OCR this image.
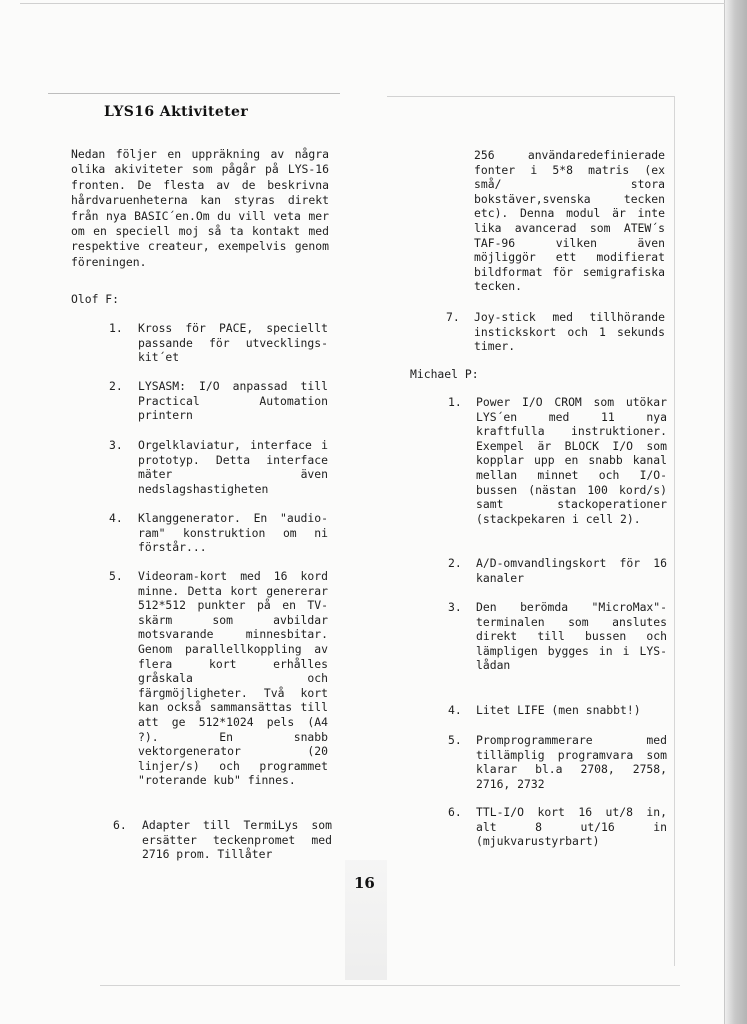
LYS16 Aktiviteter
Nedan följer en uppräkning av några olika akiviteter som pågår på LYS-16 fronten. De flesta av de beskrivna hårdvaruenheterna kan styras direkt från nya BASIC´en.Om du vill veta mer om en speciell moj så ta kontakt med respektive createur, exempelvis genom föreningen.
Olof F:
1. Kross för PACE, speciellt passande för utvecklings-kit´et
2. LYSASM: I/O anpassad till Practical Automation printern
3. Orgelklaviatur, interface i prototyp. Detta interface mäter även nedslagshastigheten
4. Klanggenerator. En "audio-ram" konstruktion om ni förstår...
5. Videoram-kort med 16 kord minne. Detta kort genererar 512*512 punkter på en TV-skärm som avbildar motsvarande minnesbitar. Genom parallellkoppling av flera kort erhålles gråskala och färgmöjligheter. Två kort kan också sammansättas till att ge 512*1024 pels (A4 ?). En snabb vektorgenerator (20 linjer/s) och programmet "roterande kub" finnes.
6. Adapter till TermiLys som ersätter teckenpromet med 2716 prom. Tillåter
256 användaredefinierade fonter i 5*8 matris (ex små/ stora bokstäver,svenska tecken etc). Denna modul är inte lika avancerad som ATEW´s TAF-96 vilken även möjliggör ett modifierat bildformat för semigrafiska tecken.
7. Joy-stick med tillhörande instickskort och 1 sekunds timer.
Michael P:
1. Power I/O CROM som utökar LYS´en med 11 nya kraftfulla instruktioner. Exempel är BLOCK I/O som kopplar upp en snabb kanal mellan minnet och I/O-bussen (nästan 100 kord/s) samt stackoperationer (stackpekaren i cell 2).
2. A/D-omvandlingskort för 16 kanaler
3. Den berömda "MicroMax"-terminalen som anslutes direkt till bussen och lämpligen bygges in i LYS-lådan
4. Litet LIFE (men snabbt!)
5. Promprogrammerare med tillämplig programvara som klarar bl.a 2708, 2758, 2716, 2732
6. TTL-I/O kort 16 ut/8 in, alt 8 ut/16 in (mjukvarustyrbart)
16
